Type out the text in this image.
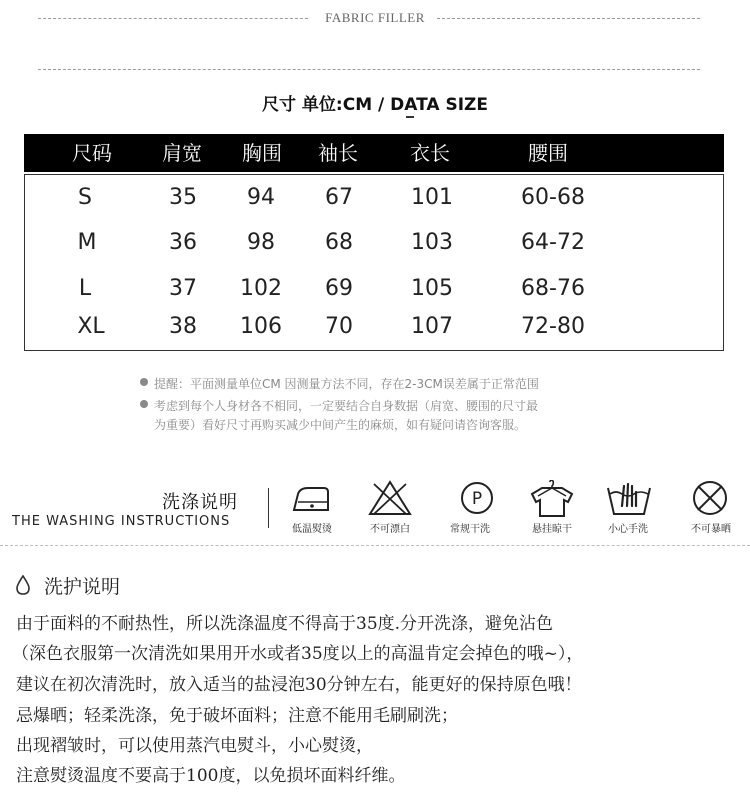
FABRIC FILLER
尺寸 单位:CM / DATA SIZE
尺码	肩宽	胸围	袖长	衣长	腰围
S	35	94	67	101	60-68
M	36	98	68	103	64-72
L	37	102	69	105	68-76
XL	38	106	70	107	72-80
提醒：平面测量单位CM 因测量方法不同，存在2-3CM误差属于正常范围
考虑到每个人身材各不相同，一定要结合自身数据（肩宽、腰围的尺寸最
为重要）看好尺寸再购买减少中间产生的麻烦，如有疑问请咨询客服。
洗涤说明
THE WASHING INSTRUCTIONS
低温熨烫	不可漂白
P
常规干洗	悬挂晾干	小心手洗	不可暴晒
洗护说明
由于面料的不耐热性，所以洗涤温度不得高于35度.分开洗涤，避免沾色
（深色衣服第一次清洗如果用开水或者35度以上的高温肯定会掉色的哦~），
建议在初次清洗时，放入适当的盐浸泡30分钟左右，能更好的保持原色哦！
忌爆晒；轻柔洗涤，免于破坏面料；注意不能用毛刷刷洗；
出现褶皱时，可以使用蒸汽电熨斗，小心熨烫，
注意熨烫温度不要高于100度，以免损坏面料纤维。
